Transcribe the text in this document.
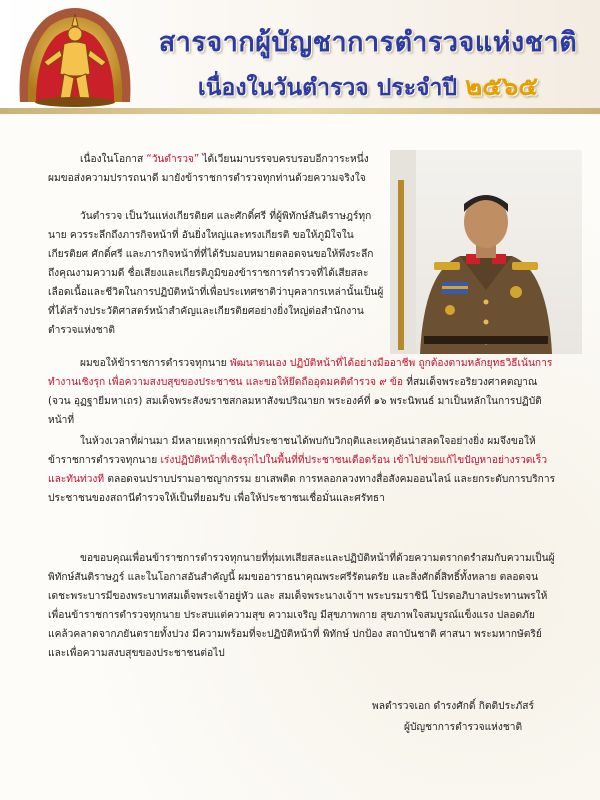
สารจากผู้บัญชาการตำรวจแห่งชาติ
เนื่องในวันตำรวจ ประจำปี ๒๕๖๕
เนื่องในโอกาส “วันตำรวจ” ได้เวียนมาบรรจบครบรอบอีกวาระหนึ่ง ผมขอส่งความปรารถนาดี มายังข้าราชการตำรวจทุกท่านด้วยความจริงใจ
วันตำรวจ เป็นวันแห่งเกียรติยศ และศักดิ์ศรี ที่ผู้พิทักษ์สันติราษฎร์ทุกนาย ควรระลึกถึงภารกิจหน้าที่ อันยิ่งใหญ่และทรงเกียรติ ขอให้ภูมิใจในเกียรติยศ ศักดิ์ศรี และภารกิจหน้าที่ที่ได้รับมอบหมายตลอดจนขอให้พึงระลึกถึงคุณงามความดี ชื่อเสียงและเกียรติภูมิของข้าราชการตำรวจที่ได้เสียสละเลือดเนื้อและชีวิตในการปฏิบัติหน้าที่เพื่อประเทศชาติว่าบุคลากรเหล่านั้นเป็นผู้ที่ได้สร้างประวัติศาสตร์หน้าสำคัญและเกียรติยศอย่างยิ่งใหญ่ต่อสำนักงานตำรวจแห่งชาติ
ผมขอให้ข้าราชการตำรวจทุกนาย พัฒนาตนเอง ปฏิบัติหน้าที่ได้อย่างมืออาชีพ ถูกต้องตามหลักยุทธวิธีเน้นการทำงานเชิงรุก เพื่อความสงบสุขของประชาชน และขอให้ยึดถืออุดมคติตำรวจ ๙ ข้อ ที่สมเด็จพระอริยวงศาคตญาณ (จวน อุฏฐายีมหาเถร) สมเด็จพระสังฆราชสกลมหาสังฆปริณายก พระองค์ที่ ๑๖ พระนิพนธ์ มาเป็นหลักในการปฏิบัติหน้าที่
ในห้วงเวลาที่ผ่านมา มีหลายเหตุการณ์ที่ประชาชนได้พบกับวิกฤติและเหตุอันน่าสลดใจอย่างยิ่ง ผมจึงขอให้ข้าราชการตำรวจทุกนาย เร่งปฏิบัติหน้าที่เชิงรุกไปในพื้นที่ที่ประชาชนเดือดร้อน เข้าไปช่วยแก้ไขปัญหาอย่างรวดเร็วและทันท่วงที ตลอดจนปราบปรามอาชญากรรม ยาเสพติด การหลอกลวงทางสื่อสังคมออนไลน์ และยกระดับการบริการประชาชนของสถานีตำรวจให้เป็นที่ยอมรับ เพื่อให้ประชาชนเชื่อมั่นและศรัทธา
ขอขอบคุณเพื่อนข้าราชการตำรวจทุกนายที่ทุ่มเทเสียสละและปฏิบัติหน้าที่ด้วยความตรากตรำสมกับความเป็นผู้พิทักษ์สันติราษฎร์ และในโอกาสอันสำคัญนี้ ผมขออาราธนาคุณพระศรีรัตนตรัย และสิ่งศักดิ์สิทธิ์ทั้งหลาย ตลอดจนเดชะพระบารมีของพระบาทสมเด็จพระเจ้าอยู่หัว และ สมเด็จพระนางเจ้าฯ พระบรมราชินี โปรดอภิบาลประทานพรให้เพื่อนข้าราชการตำรวจทุกนาย ประสบแต่ความสุข ความเจริญ มีสุขภาพกาย สุขภาพใจสมบูรณ์แข็งแรง ปลอดภัย แคล้วคลาดจากภยันตรายทั้งปวง มีความพร้อมที่จะปฏิบัติหน้าที่ พิทักษ์ ปกป้อง สถาบันชาติ ศาสนา พระมหากษัตริย์ และเพื่อความสงบสุขของประชาชนต่อไป
พลตำรวจเอก ดำรงศักดิ์ กิตติประภัสร์
ผู้บัญชาการตำรวจแห่งชาติ
